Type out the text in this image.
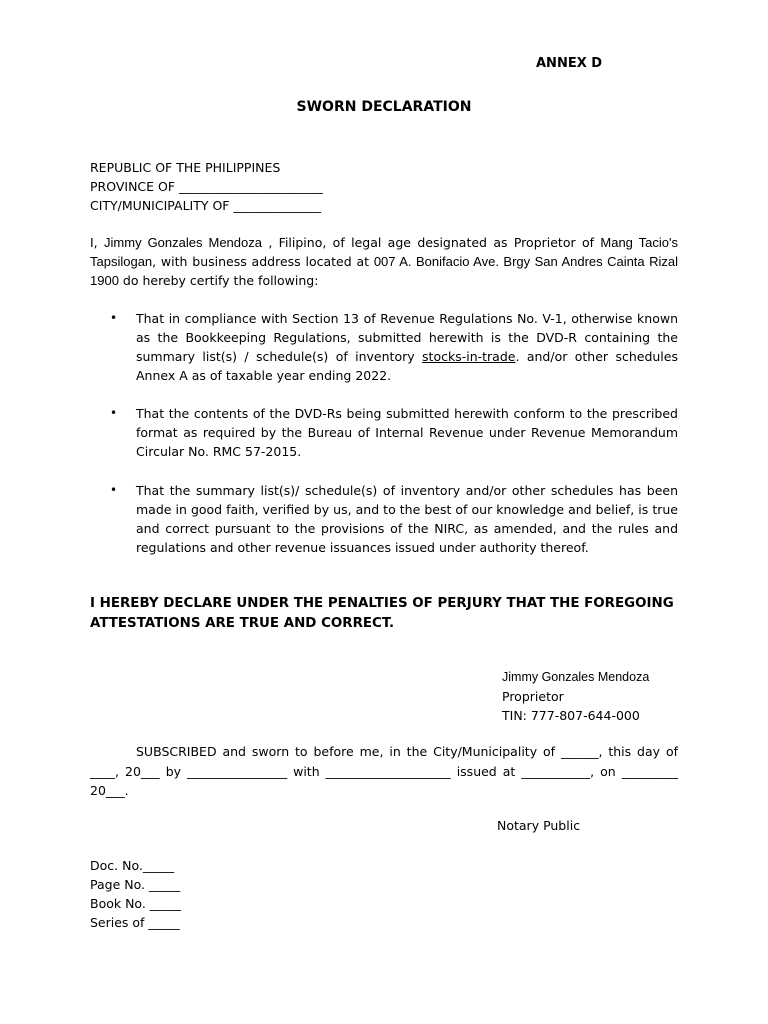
ANNEX D
SWORN DECLARATION
REPUBLIC OF THE PHILIPPINES
PROVINCE OF _______________________
CITY/MUNICIPALITY OF ______________
I, Jimmy Gonzales Mendoza , Filipino, of legal age designated as Proprietor of Mang Tacio's Tapsilogan, with business address located at 007 A. Bonifacio Ave. Brgy San Andres Cainta Rizal 1900 do hereby certify the following:
• That in compliance with Section 13 of Revenue Regulations No. V-1, otherwise known as the Bookkeeping Regulations, submitted herewith is the DVD-R containing the summary list(s) / schedule(s) of inventory stocks-in-trade. and/or other schedules Annex A as of taxable year ending 2022.
• That the contents of the DVD-Rs being submitted herewith conform to the prescribed format as required by the Bureau of Internal Revenue under Revenue Memorandum Circular No. RMC 57-2015.
• That the summary list(s)/ schedule(s) of inventory and/or other schedules has been made in good faith, verified by us, and to the best of our knowledge and belief, is true and correct pursuant to the provisions of the NIRC, as amended, and the rules and regulations and other revenue issuances issued under authority thereof.
I HEREBY DECLARE UNDER THE PENALTIES OF PERJURY THAT THE FOREGOING ATTESTATIONS ARE TRUE AND CORRECT.
Jimmy Gonzales Mendoza
Proprietor
TIN: 777-807-644-000
SUBSCRIBED and sworn to before me, in the City/Municipality of ______, this day of ____, 20___ by ________________ with ____________________ issued at ___________, on _________ 20___.
Notary Public
Doc. No._____
Page No. _____
Book No. _____
Series of _____
